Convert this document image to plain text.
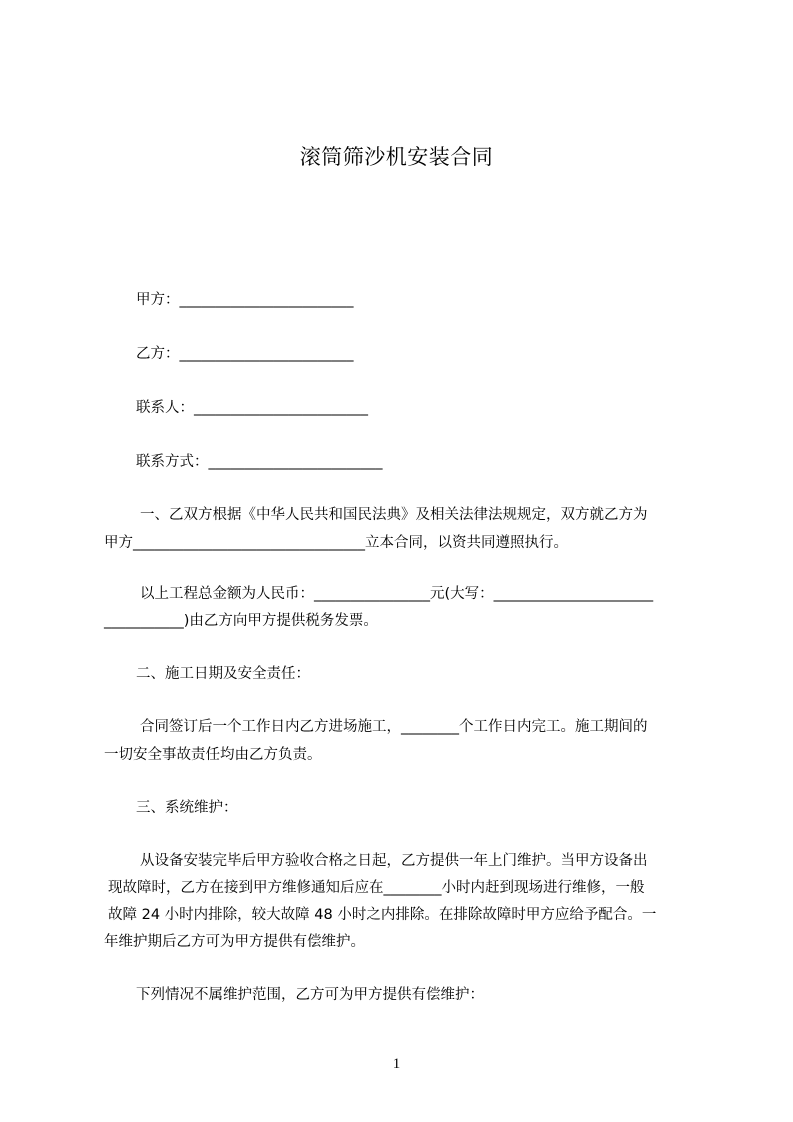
滚筒筛沙机安装合同
甲方：________________________
乙方：________________________
联系人：________________________
联系方式：________________________
一、乙双方根据《中华人民共和国民法典》及相关法律法规规定，双方就乙方为
甲方________________________________立本合同，以资共同遵照执行。
以上工程总金额为人民币：________________元(大写：______________________
___________)由乙方向甲方提供税务发票。
二、施工日期及安全责任：
合同签订后一个工作日内乙方进场施工，________个工作日内完工。施工期间的
一切安全事故责任均由乙方负责。
三、系统维护：
从设备安装完毕后甲方验收合格之日起，乙方提供一年上门维护。当甲方设备出
现故障时，乙方在接到甲方维修通知后应在________小时内赶到现场进行维修，一般
故障 24 小时内排除，较大故障 48 小时之内排除。在排除故障时甲方应给予配合。一
年维护期后乙方可为甲方提供有偿维护。
下列情况不属维护范围，乙方可为甲方提供有偿维护：
1
